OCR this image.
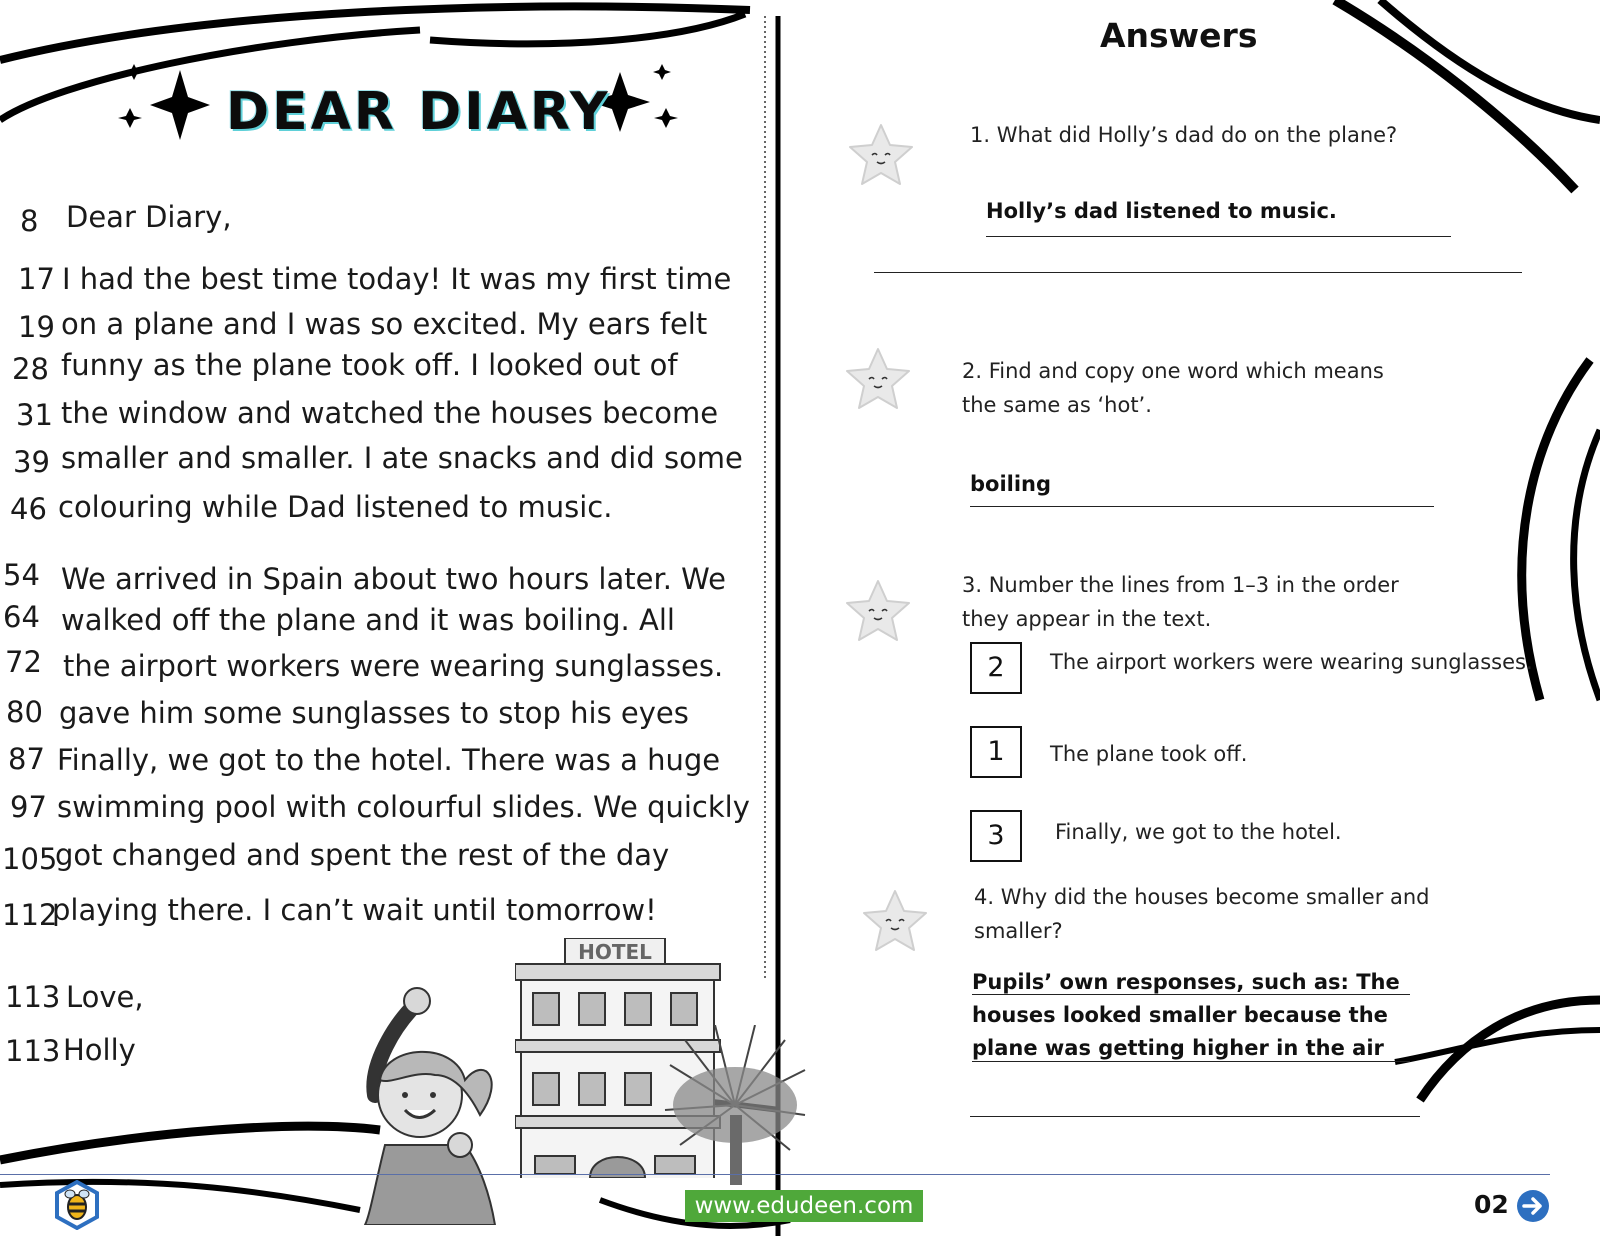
DEAR DIARY
8 Dear Diary,
17 I had the best time today! It was my first time
19 on a plane and I was so excited. My ears felt
28 funny as the plane took off. I looked out of
31 the window and watched the houses become
39 smaller and smaller. I ate snacks and did some
46 colouring while Dad listened to music.
54 We arrived in Spain about two hours later. We
64 walked off the plane and it was boiling. All
72 the airport workers were wearing sunglasses.
80 gave him some sunglasses to stop his eyes
87 Finally, we got to the hotel. There was a huge
97 swimming pool with colourful slides. We quickly
105
got changed and spent the rest of the day
112
playing there. I can’t wait until tomorrow!
113 Love,
113 Holly
HOTEL
Answers
1. What did Holly’s dad do on the plane?
Holly’s dad listened to music.
2. Find and copy one word which means
the same as ‘hot’.
boiling
3. Number the lines from 1–3 in the order
they appear in the text.
2	The airport workers were wearing sunglasses.
1	The plane took off.
3	Finally, we got to the hotel.
4. Why did the houses become smaller and
smaller?
Pupils’ own responses, such as: The
houses looked smaller because the
plane was getting higher in the air
www.edudeen.com	02
